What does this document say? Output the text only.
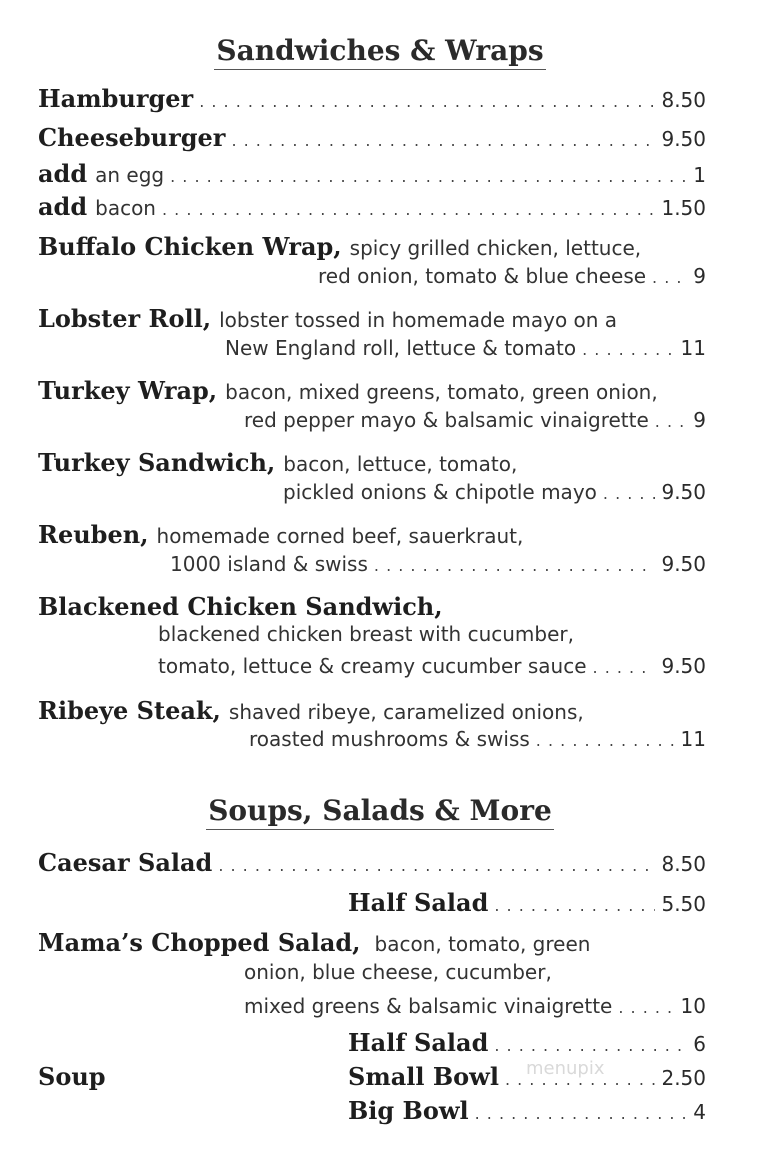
Sandwiches & Wraps
Hamburger . . .	8.50
Cheeseburger . . .	9.50
add an egg . . .	1
add bacon . . .	1.50
Buffalo Chicken Wrap, spicy grilled chicken, lettuce,
red onion, tomato & blue cheese . . . 9
Lobster Roll, lobster tossed in homemade mayo on a
New England roll, lettuce & tomato . . .	11
Turkey Wrap, bacon, mixed greens, tomato, green onion,
red pepper mayo & balsamic vinaigrette . . . 9
Turkey Sandwich, bacon, lettuce, tomato,
pickled onions & chipotle mayo . . .	9.50
Reuben, homemade corned beef, sauerkraut,
1000 island & swiss . . .	9.50
Blackened Chicken Sandwich,
blackened chicken breast with cucumber,
tomato, lettuce & creamy cucumber sauce . . .	9.50
Ribeye Steak, shaved ribeye, caramelized onions,
roasted mushrooms & swiss . . .	11
Soups, Salads & More
Caesar Salad . . .	8.50
Half Salad . . .	5.50
Mama’s Chopped Salad, bacon, tomato, green
onion, blue cheese, cucumber,
mixed greens & balsamic vinaigrette . . .	10
Half Salad . . .	6
Soup	Small Bowl . . .	2.50
Big Bowl . . .	4
menupix
